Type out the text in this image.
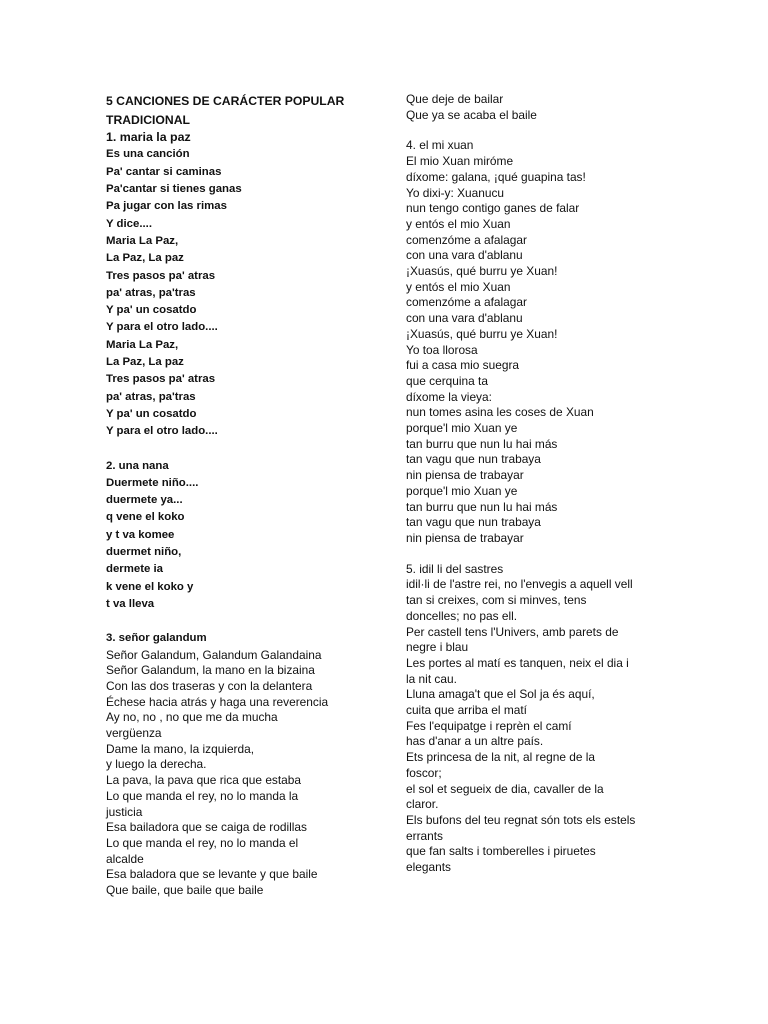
5 CANCIONES DE CARÁCTER POPULAR
TRADICIONAL
1. maria la paz
Es una canción
Pa' cantar si caminas
Pa'cantar si tienes ganas
Pa jugar con las rimas
Y dice....
Maria La Paz,
La Paz, La paz
Tres pasos pa' atras
pa' atras, pa'tras
Y pa' un cosatdo
Y para el otro lado....
Maria La Paz,
La Paz, La paz
Tres pasos pa' atras
pa' atras, pa'tras
Y pa' un cosatdo
Y para el otro lado....
2. una nana
Duermete niño....
duermete ya...
q vene el koko
y t va komee
duermet niño,
dermete ia
k vene el koko y
t va lleva
3. señor galandum
Señor Galandum, Galandum Galandaina
Señor Galandum, la mano en la bizaina
Con las dos traseras y con la delantera
Échese hacia atrás y haga una reverencia
Ay no, no , no que me da mucha
vergüenza
Dame la mano, la izquierda,
y luego la derecha.
La pava, la pava que rica que estaba
Lo que manda el rey, no lo manda la
justicia
Esa bailadora que se caiga de rodillas
Lo que manda el rey, no lo manda el
alcalde
Esa baladora que se levante y que baile
Que baile, que baile que baile
Que deje de bailar
Que ya se acaba el baile
4. el mi xuan
El mio Xuan miróme
díxome: galana, ¡qué guapina tas!
Yo dixi-y: Xuanucu
nun tengo contigo ganes de falar
y entós el mio Xuan
comenzóme a afalagar
con una vara d'ablanu
¡Xuasús, qué burru ye Xuan!
y entós el mio Xuan
comenzóme a afalagar
con una vara d'ablanu
¡Xuasús, qué burru ye Xuan!
Yo toa llorosa
fui a casa mio suegra
que cerquina ta
díxome la vieya:
nun tomes asina les coses de Xuan
porque'l mio Xuan ye
tan burru que nun lu hai más
tan vagu que nun trabaya
nin piensa de trabayar
porque'l mio Xuan ye
tan burru que nun lu hai más
tan vagu que nun trabaya
nin piensa de trabayar
5. idil li del sastres
idil·li de l'astre rei, no l'envegis a aquell vell
tan si creixes, com si minves, tens
doncelles; no pas ell.
Per castell tens l'Univers, amb parets de
negre i blau
Les portes al matí es tanquen, neix el dia i
la nit cau.
Lluna amaga't que el Sol ja és aquí,
cuita que arriba el matí
Fes l'equipatge i reprèn el camí
has d'anar a un altre país.
Ets princesa de la nit, al regne de la
foscor;
el sol et segueix de dia, cavaller de la
claror.
Els bufons del teu regnat són tots els estels
errants
que fan salts i tomberelles i piruetes
elegants
